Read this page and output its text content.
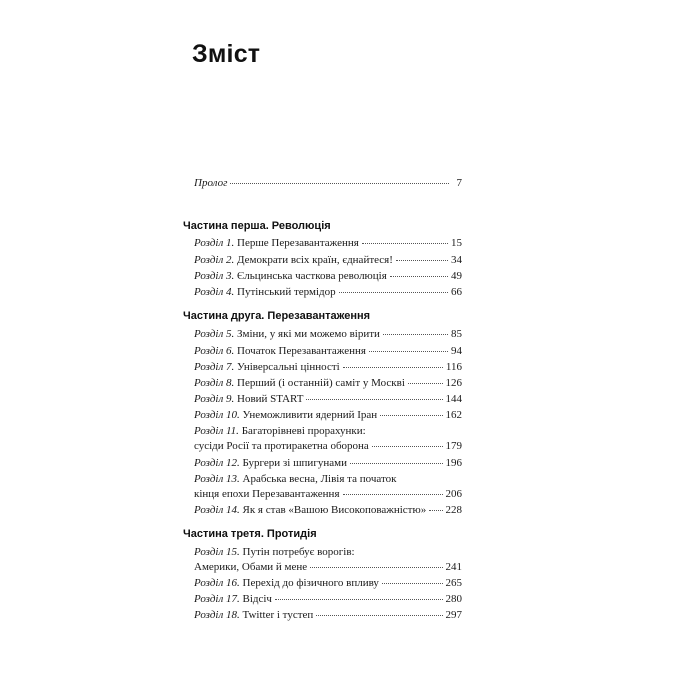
Зміст
Пролог	7
Частина перша. Революція
Розділ 1. Перше Перезавантаження	15
Розділ 2. Демократи всіх країн, єднайтеся!	34
Розділ 3. Єльцинська часткова революція	49
Розділ 4. Путінський термідор	66
Частина друга. Перезавантаження
Розділ 5. Зміни, у які ми можемо вірити	85
Розділ 6. Початок Перезавантаження	94
Розділ 7. Універсальні цінності	116
Розділ 8. Перший (і останній) саміт у Москві	126
Розділ 9. Новий START	144
Розділ 10. Унеможливити ядерний Іран	162
Розділ 11. Багаторівневі прорахунки:
сусіди Росії та протиракетна оборона	179
Розділ 12. Бургери зі шпигунами	196
Розділ 13. Арабська весна, Лівія та початок
кінця епохи Перезавантаження	206
Розділ 14. Як я став «Вашою Високоповажністю» 228
Частина третя. Протидія
Розділ 15. Путін потребує ворогів:
Америки, Обами й мене	241
Розділ 16. Перехід до фізичного впливу	265
Розділ 17. Відсіч	280
Розділ 18. Twitter і тустеп	297
